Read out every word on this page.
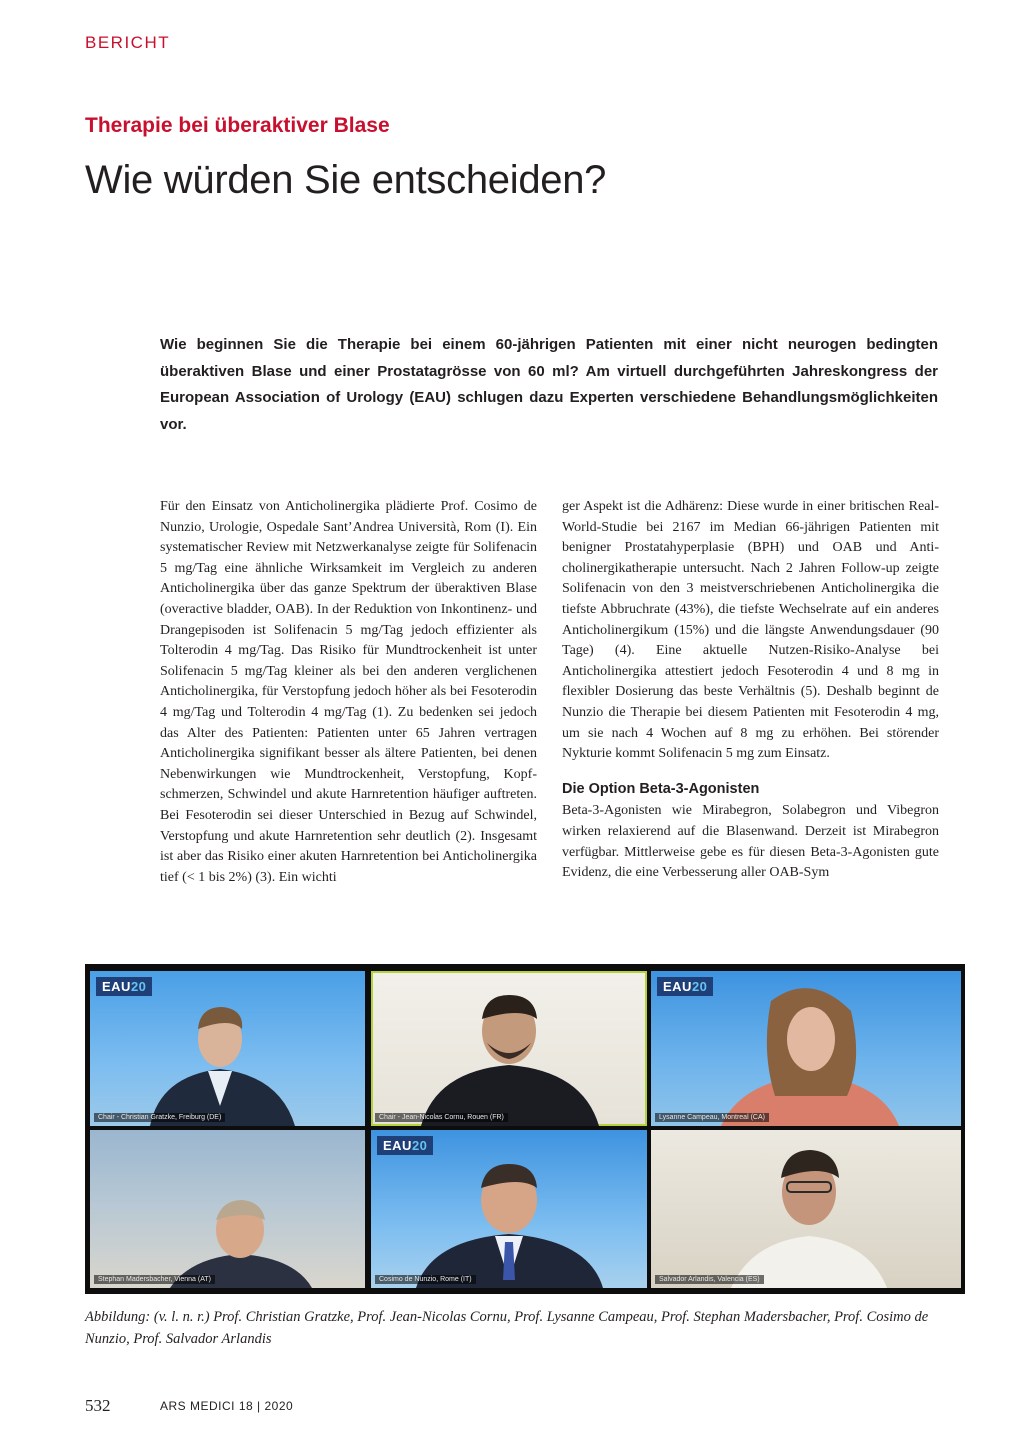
BERICHT
Therapie bei überaktiver Blase
Wie würden Sie entscheiden?
Wie beginnen Sie die Therapie bei einem 60-jährigen Patienten mit einer nicht neurogen bedingten überaktiven Blase und einer Prostatagrösse von 60 ml? Am virtuell durchgeführten Jahreskongress der European Association of Urology (EAU) schlugen dazu Experten verschiedene Behandlungsmöglichkeiten vor.

Für den Einsatz von Anticholinergika plädierte Prof. Cosimo de Nunzio, Urologie, Ospedale Sant’Andrea Università, Rom (I). Ein systematischer Review mit Netzwerkanalyse zeigte für Solifenacin 5 mg/Tag eine ähnliche Wirksamkeit im Vergleich zu anderen Anticholinergika über das ganze Spektrum der überaktiven Blase (overactive bladder, OAB). In der Reduktion von Inkontinenz- und Drangepisoden ist Solifenacin 5 mg/Tag jedoch effizienter als Tolterodin 4 mg/Tag. Das Risiko für Mundtrockenheit ist unter Solifenacin 5 mg/Tag kleiner als bei den anderen verglichenen Anticholinergika, für Verstopfung jedoch höher als bei Fesoterodin 4 mg/Tag und Tolterodin 4 mg/Tag (1). Zu bedenken sei jedoch das Alter des Patienten: Patienten unter 65 Jahren vertragen Anticholinergika signifikant besser als ältere Patienten, bei denen Nebenwirkungen wie Mundtrockenheit, Verstopfung, Kopfschmerzen, Schwindel und akute Harnretention häufiger auftreten. Bei Fesoterodin sei dieser Unterschied in Bezug auf Schwindel, Verstopfung und akute Harnretention sehr deutlich (2). Insgesamt ist aber das Risiko einer akuten Harnretention bei Anticholinergika tief (< 1 bis 2%) (3). Ein wichti

ger Aspekt ist die Adhärenz: Diese wurde in einer britischen Real-World-Studie bei 2167 im Median 66-jährigen Patienten mit benigner Prostatahyperplasie (BPH) und OAB und Anticholinergikatherapie untersucht. Nach 2 Jahren Follow-up zeigte Solifenacin von den 3 meistverschriebenen Anticholinergika die tiefste Abbruchrate (43%), die tiefste Wechselrate auf ein anderes Anticholinergikum (15%) und die längste Anwendungsdauer (90 Tage) (4). Eine aktuelle Nutzen-Risiko-Analyse bei Anticholinergika attestiert jedoch Fesoterodin 4 und 8 mg in flexibler Dosierung das beste Verhältnis (5). Deshalb beginnt de Nunzio die Therapie bei diesem Patienten mit Fesoterodin 4 mg, um sie nach 4 Wochen auf 8 mg zu erhöhen. Bei störender Nykturie kommt Solifenacin 5 mg zum Einsatz.

Die Option Beta-3-Agonisten

Beta-3-Agonisten wie Mirabegron, Solabegron und Vibegron wirken relaxierend auf die Blasenwand. Derzeit ist Mirabegron verfügbar. Mittlerweise gebe es für diesen Beta-3-Agonisten gute Evidenz, die eine Verbesserung aller OAB-Sym

EAU20
Chair - Christian Gratzke, Freiburg (DE)	Chair - Jean-Nicolas Cornu, Rouen (FR)
EAU20
Lysanne Campeau, Montreal (CA)
Stephan Madersbacher, Vienna (AT)
EAU20
Cosimo de Nunzio, Rome (IT)	Salvador Arlandis, Valencia (ES)
Abbildung: (v. l. n. r.) Prof. Christian Gratzke, Prof. Jean-Nicolas Cornu, Prof. Lysanne Campeau, Prof. Stephan Madersbacher, Prof. Cosimo de Nunzio, Prof. Salvador Arlandis
532	ARS MEDICI 18 | 2020
